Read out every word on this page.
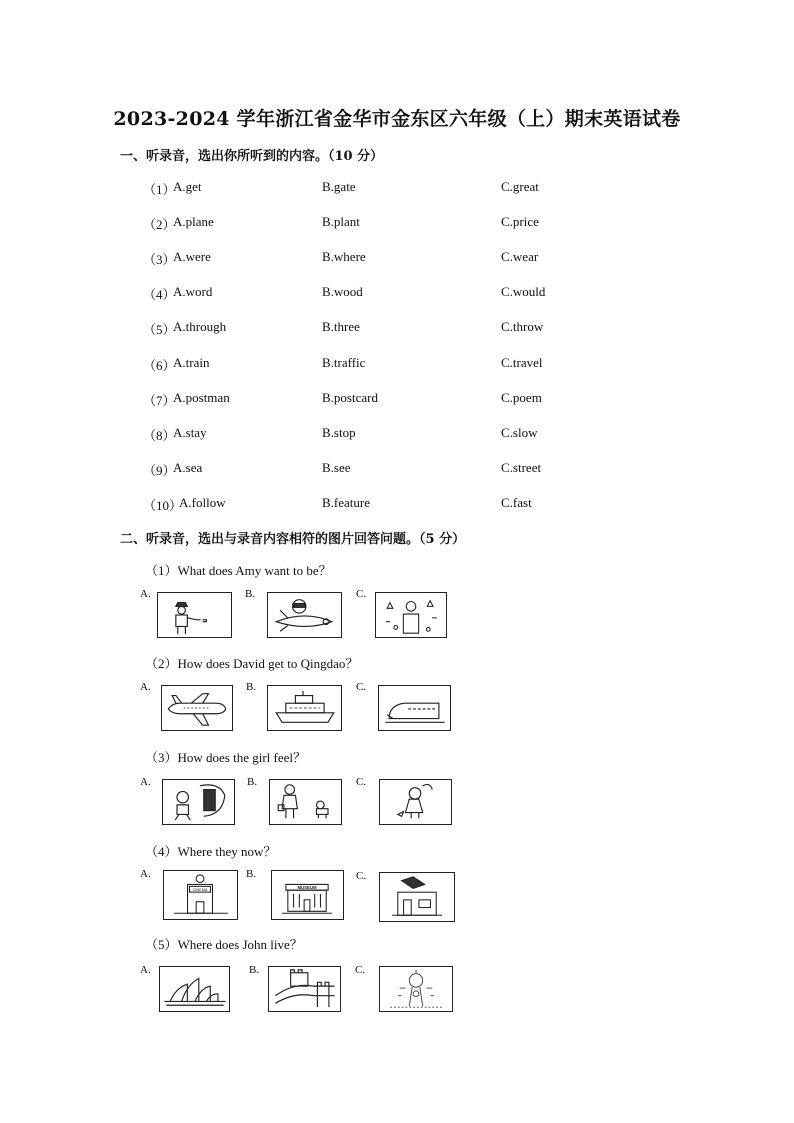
2023-2024 学年浙江省金华市金东区六年级（上）期末英语试卷
一、听录音，选出你所听到的内容。（10 分）
（1）
A.get	B.gate	C.great
（2）
A.plane	B.plant	C.price
（3）
A.were	B.where	C.wear
（4）
A.word	B.wood	C.would
（5）
A.through	B.three	C.throw
（6）
A.train	B.traffic	C.travel
（7）
A.postman	B.postcard	C.poem
（8）
A.stay	B.stop	C.slow
（9）
A.sea	B.see	C.street
（10）
A.follow	B.feature	C.fast
二、听录音，选出与录音内容相符的图片回答问题。（5 分）
（1）What does Amy want to be？
A.	B.	C.
（2）How does David get to Qingdao？
A.	B.	C.
（3）How does the girl feel？
A.	B.	C.
（4）Where they now？
A.
CINEMA
B.
MUSEUM
C.
（5）Where does John live？
A.	B.	C.
